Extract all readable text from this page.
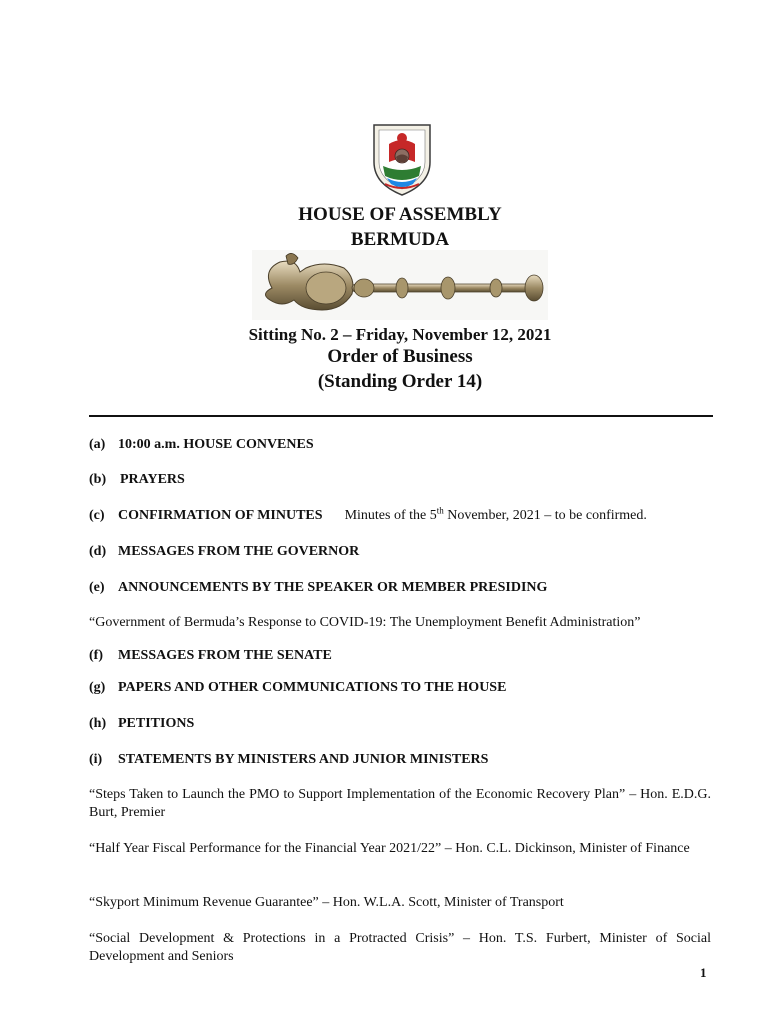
HOUSE OF ASSEMBLY
BERMUDA
Sitting No. 2 – Friday, November 12, 2021
Order of Business
(Standing Order 14)
(a) 10:00 a.m. HOUSE CONVENES
(b) PRAYERS
(c) CONFIRMATION OF MINUTES Minutes of the 5th November, 2021 – to be confirmed.
(d) MESSAGES FROM THE GOVERNOR
(e) ANNOUNCEMENTS BY THE SPEAKER OR MEMBER PRESIDING
“Government of Bermuda’s Response to COVID-19: The Unemployment Benefit Administration”
(f) MESSAGES FROM THE SENATE
(g) PAPERS AND OTHER COMMUNICATIONS TO THE HOUSE
(h) PETITIONS
(i) STATEMENTS BY MINISTERS AND JUNIOR MINISTERS
“Steps Taken to Launch the PMO to Support Implementation of the Economic Recovery Plan” – Hon. E.D.G. Burt, Premier
“Half Year Fiscal Performance for the Financial Year 2021/22” – Hon. C.L. Dickinson, Minister of Finance
“Skyport Minimum Revenue Guarantee” – Hon. W.L.A. Scott, Minister of Transport
“Social Development & Protections in a Protracted Crisis” – Hon. T.S. Furbert, Minister of Social Development and Seniors
1
